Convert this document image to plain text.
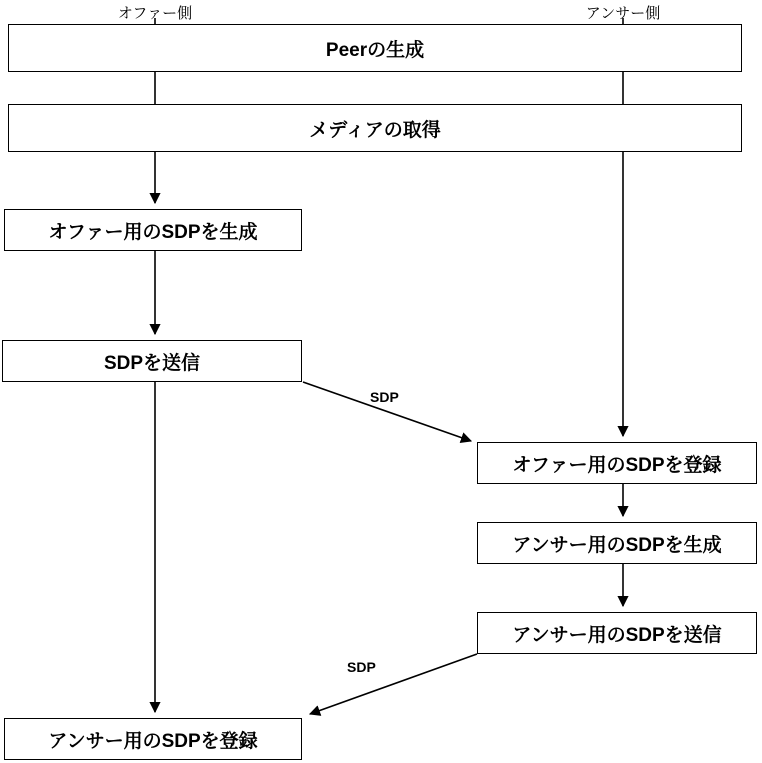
オファー側	アンサー側
Peerの生成
メディアの取得
オファー用のSDPを生成
SDPを送信
オファー用のSDPを登録
アンサー用のSDPを生成
アンサー用のSDPを送信
アンサー用のSDPを登録
SDP
SDP
